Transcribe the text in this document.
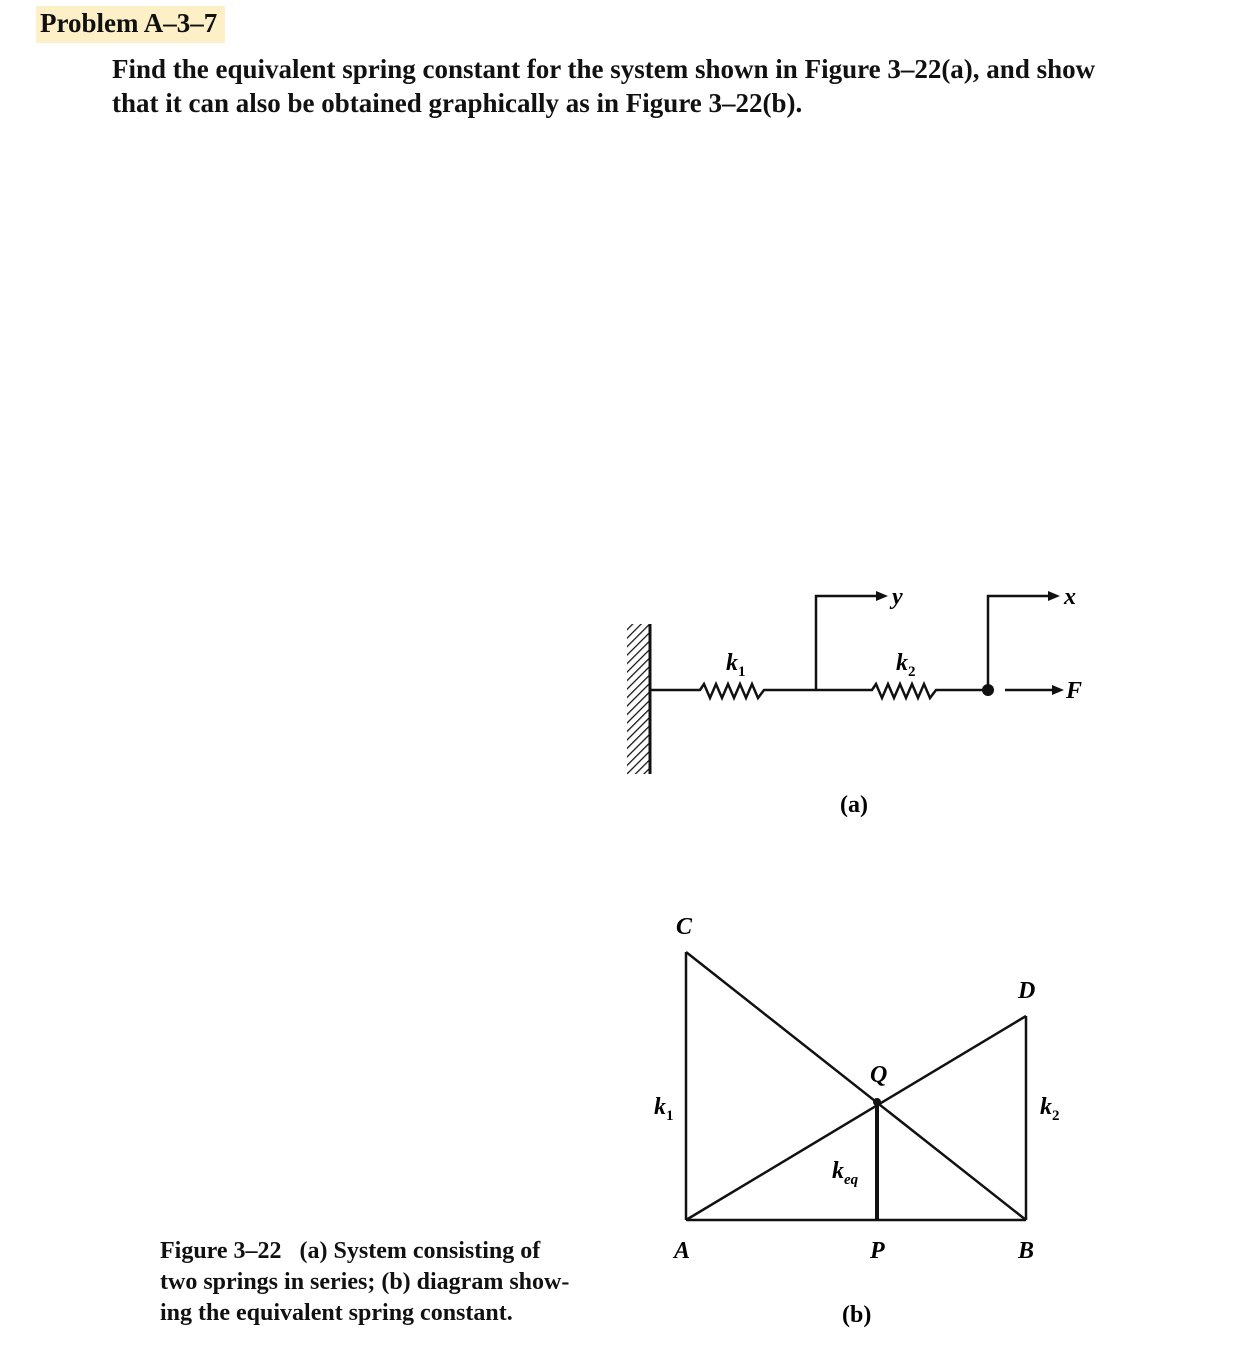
Problem A–3–7
Find the equivalent spring constant for the system shown in Figure 3–22(a), and show
that it can also be obtained graphically as in Figure 3–22(b).
$k_1$	$k_2$
y	x
F
(a)
C
D
Q
A	P	B
$k_1$	$k_2$
$k_{eq}$
(b)
Figure 3–22 (a) System consisting of
two springs in series; (b) diagram show-
ing the equivalent spring constant.
